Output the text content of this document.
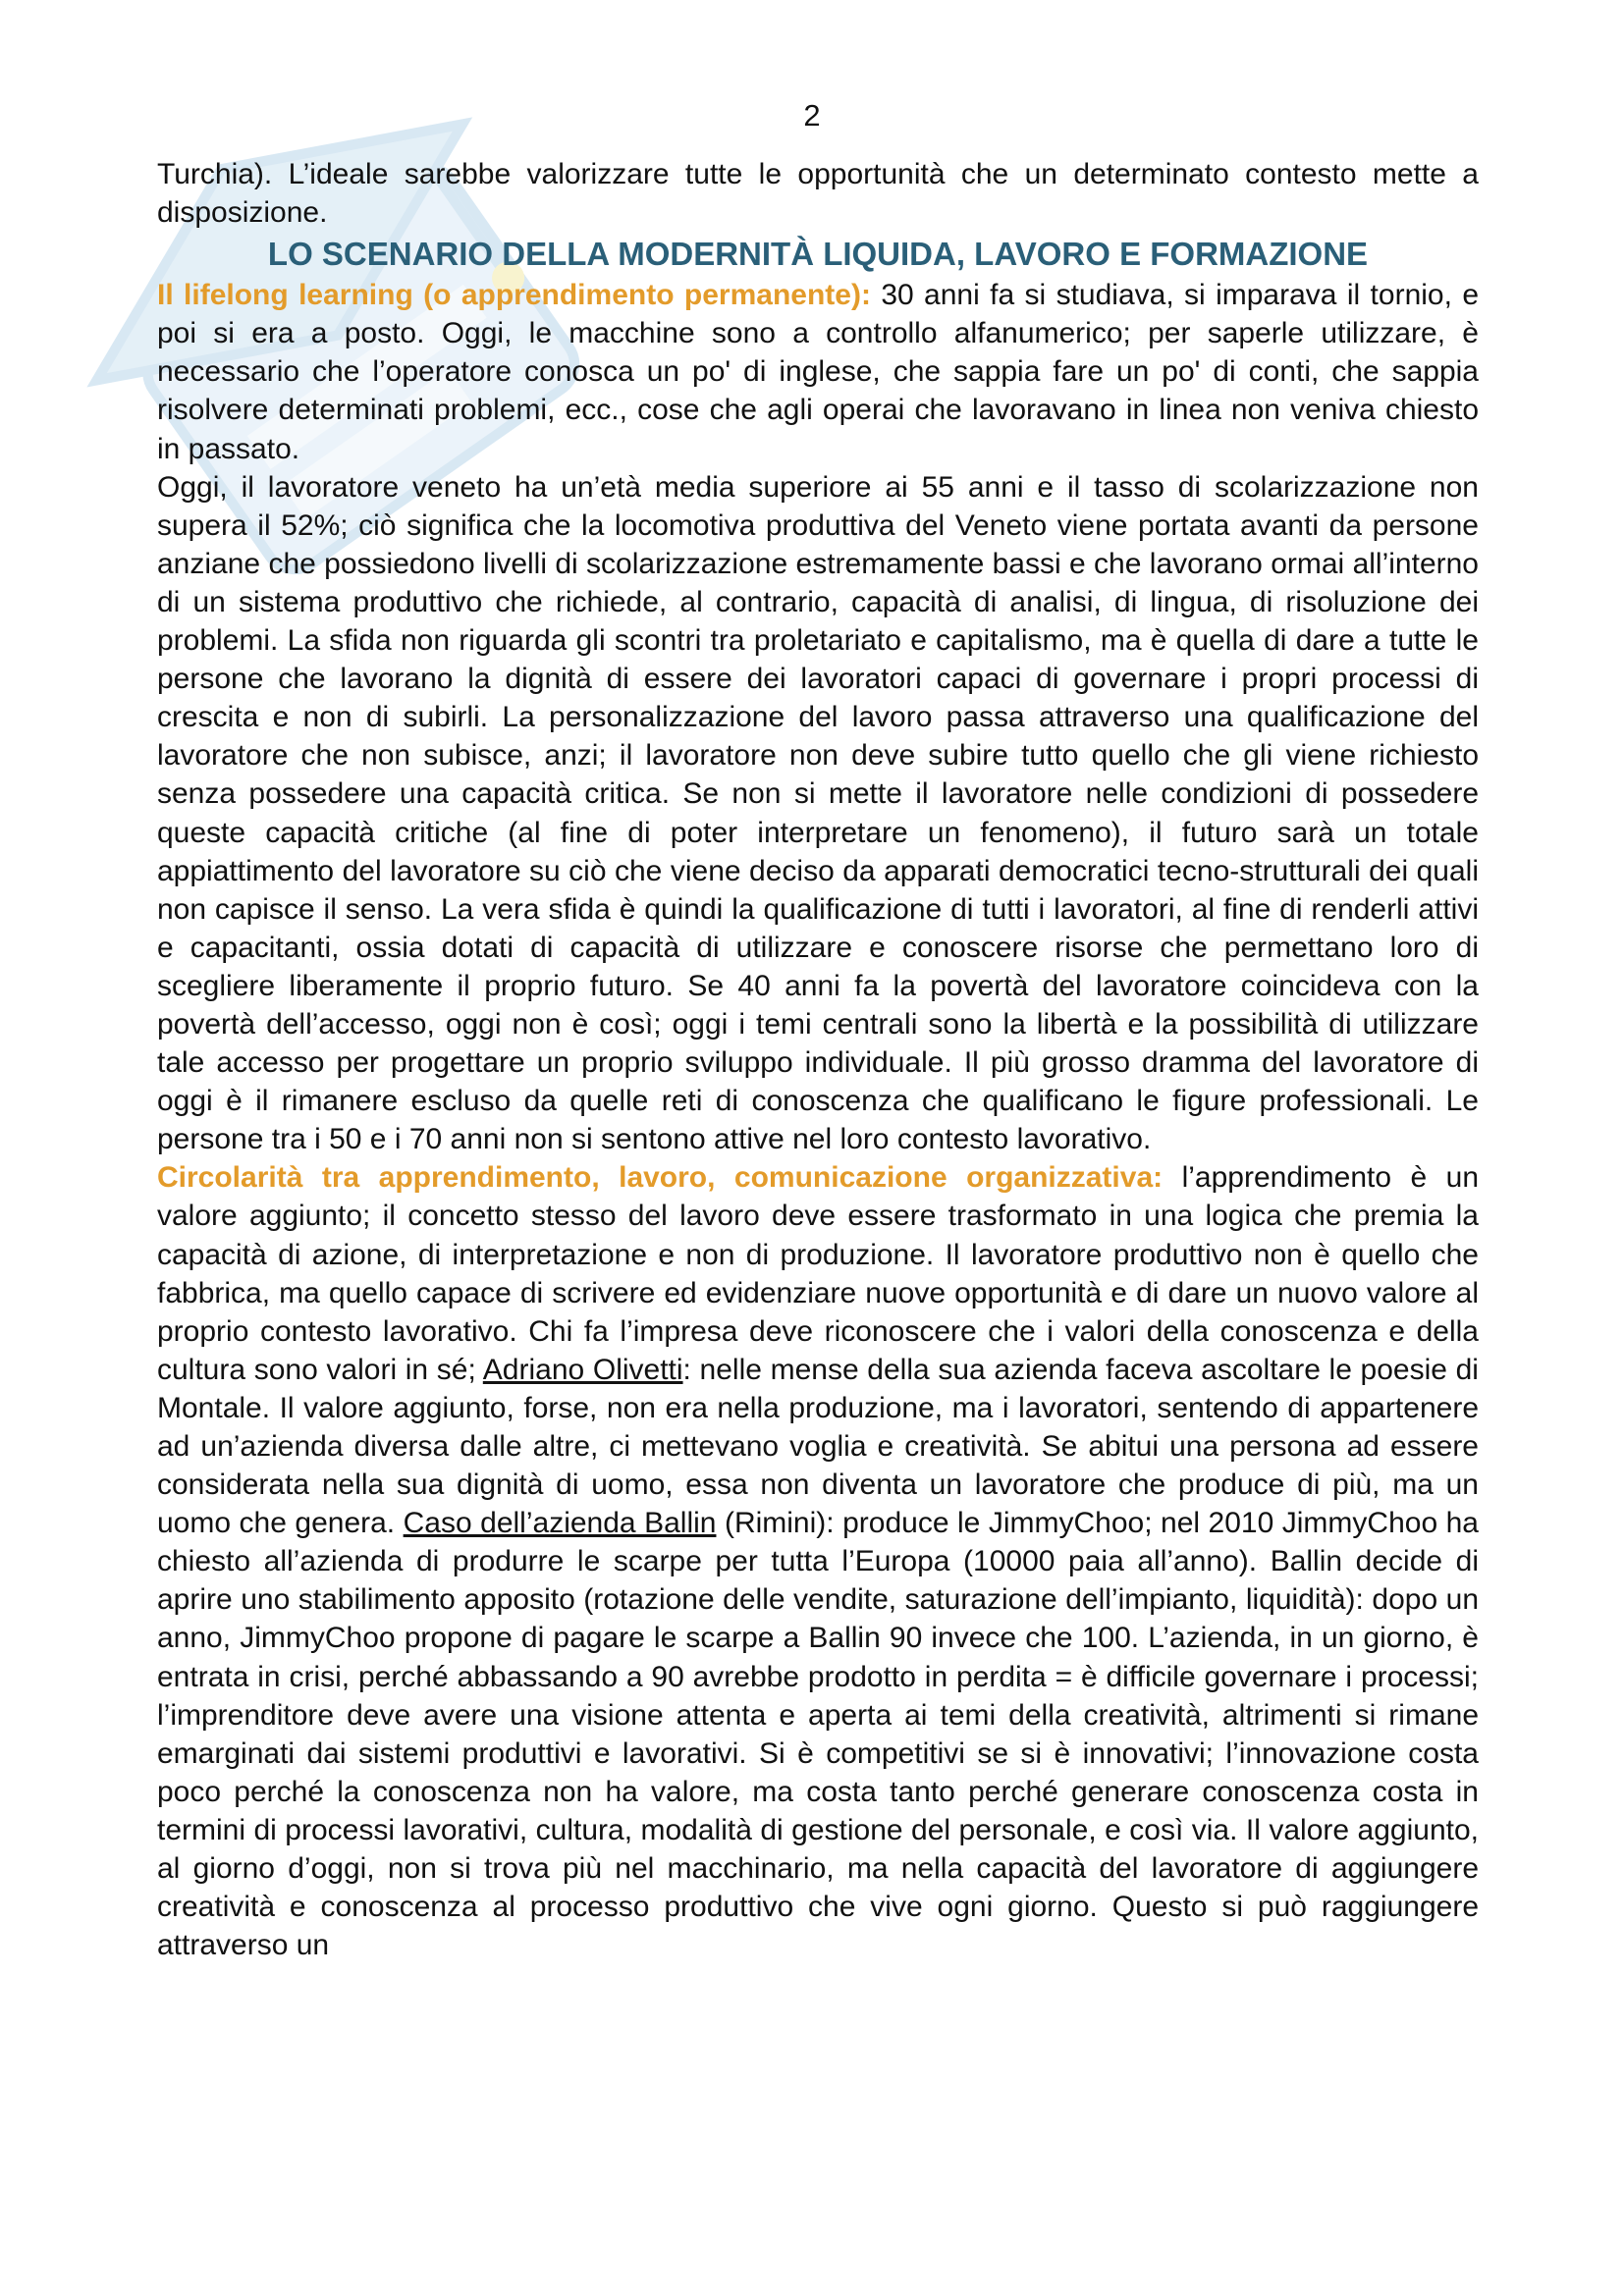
2

Turchia). L’ideale sarebbe valorizzare tutte le opportunità che un determinato contesto mette a disposizione.

LO SCENARIO DELLA MODERNITÀ LIQUIDA, LAVORO E FORMAZIONE

Il lifelong learning (o apprendimento permanente): 30 anni fa si studiava, si imparava il tornio, e poi si era a posto. Oggi, le macchine sono a controllo alfanumerico; per saperle utilizzare, è necessario che l’operatore conosca un po' di inglese, che sappia fare un po' di conti, che sappia risolvere determinati problemi, ecc., cose che agli operai che lavoravano in linea non veniva chiesto in passato.

Oggi, il lavoratore veneto ha un’età media superiore ai 55 anni e il tasso di scolarizzazione non supera il 52%; ciò significa che la locomotiva produttiva del Veneto viene portata avanti da persone anziane che possiedono livelli di scolarizzazione estremamente bassi e che lavorano ormai all’interno di un sistema produttivo che richiede, al contrario, capacità di analisi, di lingua, di risoluzione dei problemi. La sfida non riguarda gli scontri tra proletariato e capitalismo, ma è quella di dare a tutte le persone che lavorano la dignità di essere dei lavoratori capaci di governare i propri processi di crescita e non di subirli. La personalizzazione del lavoro passa attraverso una qualificazione del lavoratore che non subisce, anzi; il lavoratore non deve subire tutto quello che gli viene richiesto senza possedere una capacità critica. Se non si mette il lavoratore nelle condizioni di possedere queste capacità critiche (al fine di poter interpretare un fenomeno), il futuro sarà un totale appiattimento del lavoratore su ciò che viene deciso da apparati democratici tecno-strutturali dei quali non capisce il senso. La vera sfida è quindi la qualificazione di tutti i lavoratori, al fine di renderli attivi e capacitanti, ossia dotati di capacità di utilizzare e conoscere risorse che permettano loro di scegliere liberamente il proprio futuro. Se 40 anni fa la povertà del lavoratore coincideva con la povertà dell’accesso, oggi non è così; oggi i temi centrali sono la libertà e la possibilità di utilizzare tale accesso per progettare un proprio sviluppo individuale. Il più grosso dramma del lavoratore di oggi è il rimanere escluso da quelle reti di conoscenza che qualificano le figure professionali. Le persone tra i 50 e i 70 anni non si sentono attive nel loro contesto lavorativo.

Circolarità tra apprendimento, lavoro, comunicazione organizzativa: l’apprendimento è un valore aggiunto; il concetto stesso del lavoro deve essere trasformato in una logica che premia la capacità di azione, di interpretazione e non di produzione. Il lavoratore produttivo non è quello che fabbrica, ma quello capace di scrivere ed evidenziare nuove opportunità e di dare un nuovo valore al proprio contesto lavorativo. Chi fa l’impresa deve riconoscere che i valori della conoscenza e della cultura sono valori in sé; Adriano Olivetti: nelle mense della sua azienda faceva ascoltare le poesie di Montale. Il valore aggiunto, forse, non era nella produzione, ma i lavoratori, sentendo di appartenere ad un’azienda diversa dalle altre, ci mettevano voglia e creatività. Se abitui una persona ad essere considerata nella sua dignità di uomo, essa non diventa un lavoratore che produce di più, ma un uomo che genera. Caso dell’azienda Ballin (Rimini): produce le JimmyChoo; nel 2010 JimmyChoo ha chiesto all’azienda di produrre le scarpe per tutta l’Europa (10000 paia all’anno). Ballin decide di aprire uno stabilimento apposito (rotazione delle vendite, saturazione dell’impianto, liquidità): dopo un anno, JimmyChoo propone di pagare le scarpe a Ballin 90 invece che 100. L’azienda, in un giorno, è entrata in crisi, perché abbassando a 90 avrebbe prodotto in perdita = è difficile governare i processi; l’imprenditore deve avere una visione attenta e aperta ai temi della creatività, altrimenti si rimane emarginati dai sistemi produttivi e lavorativi. Si è competitivi se si è innovativi; l’innovazione costa poco perché la conoscenza non ha valore, ma costa tanto perché generare conoscenza costa in termini di processi lavorativi, cultura, modalità di gestione del personale, e così via. Il valore aggiunto, al giorno d’oggi, non si trova più nel macchinario, ma nella capacità del lavoratore di aggiungere creatività e conoscenza al processo produttivo che vive ogni giorno. Questo si può raggiungere attraverso un
